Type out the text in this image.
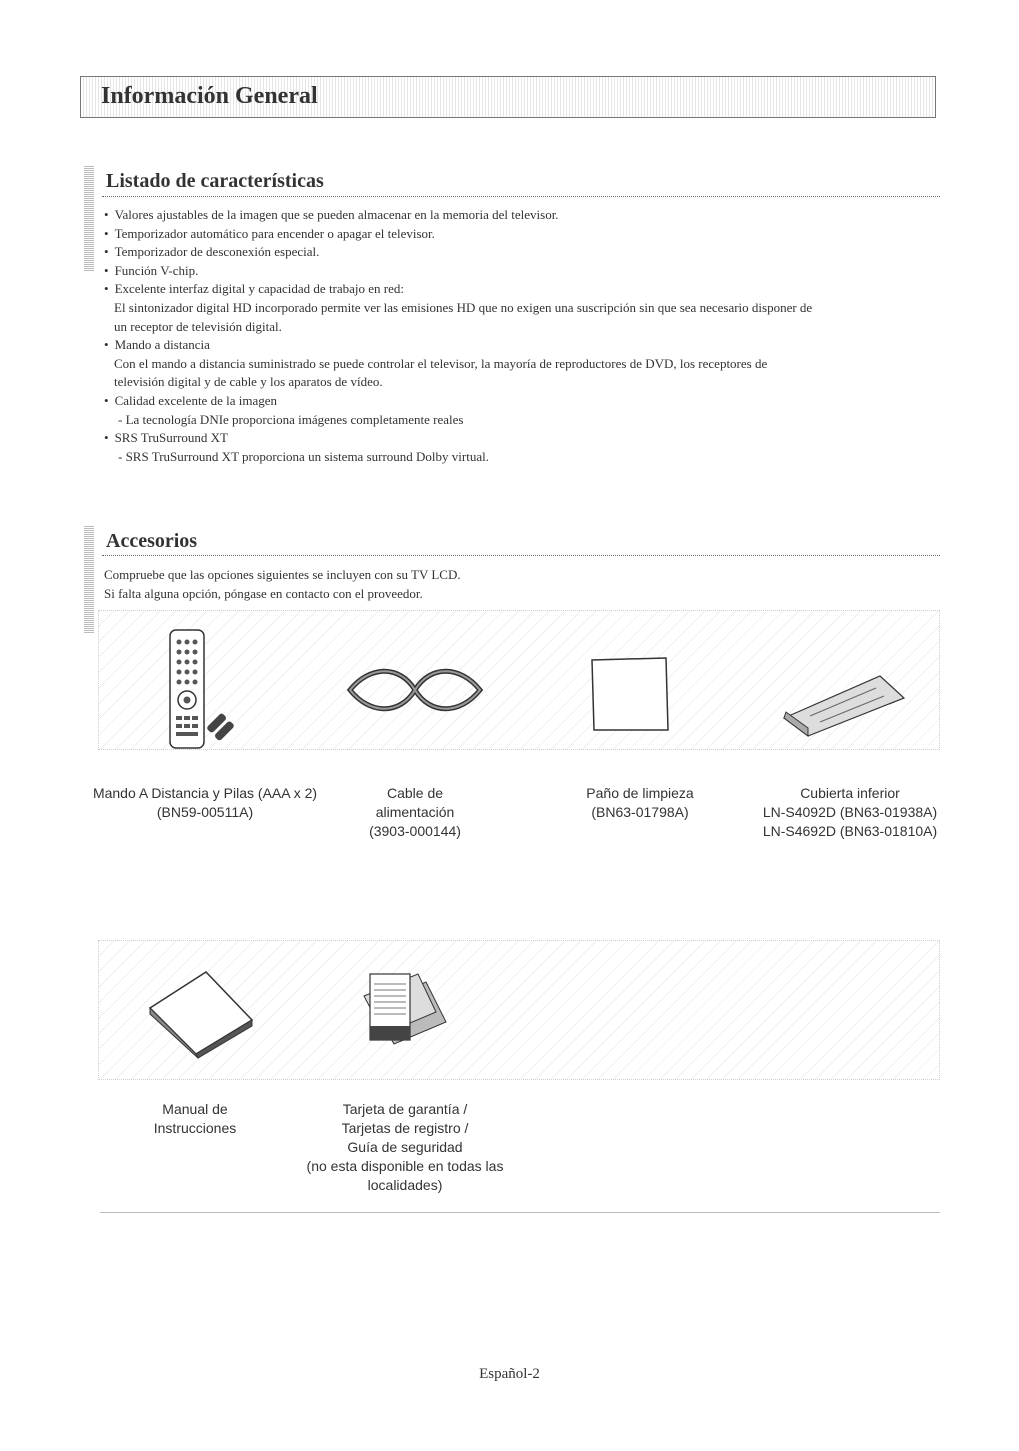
Información General
Listado de características
• Valores ajustables de la imagen que se pueden almacenar en la memoria del televisor.
• Temporizador automático para encender o apagar el televisor.
• Temporizador de desconexión especial.
• Función V-chip.
• Excelente interfaz digital y capacidad de trabajo en red:
El sintonizador digital HD incorporado permite ver las emisiones HD que no exigen una suscripción sin que sea necesario disponer de
un receptor de televisión digital.
• Mando a distancia
Con el mando a distancia suministrado se puede controlar el televisor, la mayoría de reproductores de DVD, los receptores de
televisión digital y de cable y los aparatos de vídeo.
• Calidad excelente de la imagen
- La tecnología DNIe proporciona imágenes completamente reales
• SRS TruSurround XT
- SRS TruSurround XT proporciona un sistema surround Dolby virtual.
Accesorios
Compruebe que las opciones siguientes se incluyen con su TV LCD.
Si falta alguna opción, póngase en contacto con el proveedor.
Mando A Distancia y Pilas (AAA x 2)
(BN59-00511A)
Cable de
alimentación
(3903-000144)
Paño de limpieza
(BN63-01798A)
Cubierta inferior
LN-S4092D (BN63-01938A)
LN-S4692D (BN63-01810A)
Manual de
Instrucciones
Tarjeta de garantía /
Tarjetas de registro /
Guía de seguridad
(no esta disponible en todas las
localidades)
Español-2
